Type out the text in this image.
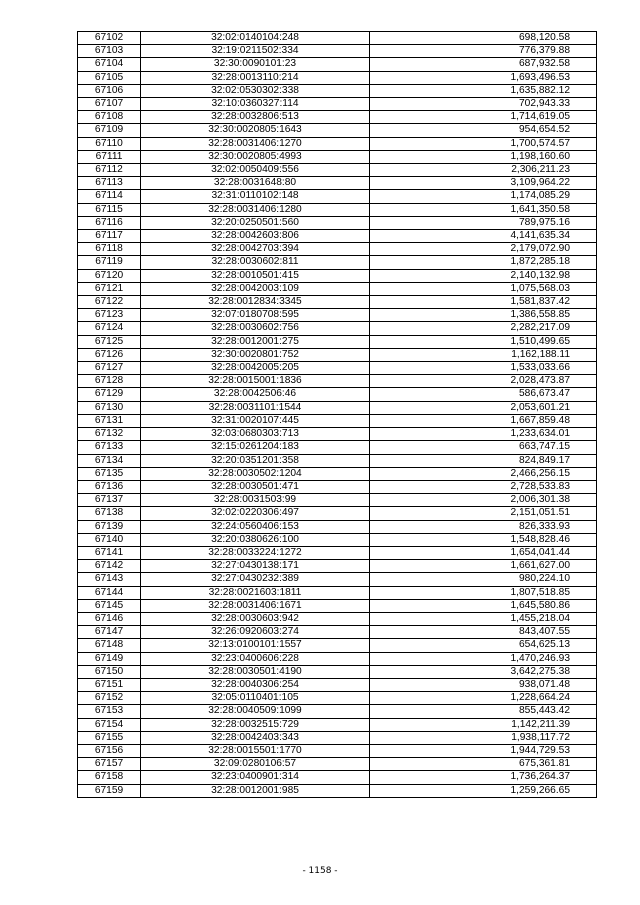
67102	32:02:0140104:248	698,120.58
67103	32:19:0211502:334	776,379.88
67104	32:30:0090101:23	687,932.58
67105	32:28:0013110:214	1,693,496.53
67106	32:02:0530302:338	1,635,882.12
67107	32:10:0360327:114	702,943.33
67108	32:28:0032806:513	1,714,619.05
67109	32:30:0020805:1643	954,654.52
67110	32:28:0031406:1270	1,700,574.57
67111	32:30:0020805:4993	1,198,160.60
67112	32:02:0050409:556	2,306,211.23
67113	32:28:0031648:80	3,109,964.22
67114	32:31:0110102:148	1,174,085.29
67115	32:28:0031406:1280	1,641,350.58
67116	32:20:0250501:560	789,975.16
67117	32:28:0042603:806	4,141,635.34
67118	32:28:0042703:394	2,179,072.90
67119	32:28:0030602:811	1,872,285.18
67120	32:28:0010501:415	2,140,132.98
67121	32:28:0042003:109	1,075,568.03
67122	32:28:0012834:3345	1,581,837.42
67123	32:07:0180708:595	1,386,558.85
67124	32:28:0030602:756	2,282,217.09
67125	32:28:0012001:275	1,510,499.65
67126	32:30:0020801:752	1,162,188.11
67127	32:28:0042005:205	1,533,033.66
67128	32:28:0015001:1836	2,028,473.87
67129	32:28:0042506:46	586,673.47
67130	32:28:0031101:1544	2,053,601.21
67131	32:31:0020107:445	1,667,859.48
67132	32:03:0680303:713	1,233,634.01
67133	32:15:0261204:183	663,747.15
67134	32:20:0351201:358	824,849.17
67135	32:28:0030502:1204	2,466,256.15
67136	32:28:0030501:471	2,728,533.83
67137	32:28:0031503:99	2,006,301.38
67138	32:02:0220306:497	2,151,051.51
67139	32:24:0560406:153	826,333.93
67140	32:20:0380626:100	1,548,828.46
67141	32:28:0033224:1272	1,654,041.44
67142	32:27:0430138:171	1,661,627.00
67143	32:27:0430232:389	980,224.10
67144	32:28:0021603:1811	1,807,518.85
67145	32:28:0031406:1671	1,645,580.86
67146	32:28:0030603:942	1,455,218.04
67147	32:26:0920603:274	843,407.55
67148	32:13:0100101:1557	654,625.13
67149	32:23:0400606:228	1,470,246.93
67150	32:28:0030501:4190	3,642,275.38
67151	32:28:0040306:254	938,071.48
67152	32:05:0110401:105	1,228,664.24
67153	32:28:0040509:1099	855,443.42
67154	32:28:0032515:729	1,142,211.39
67155	32:28:0042403:343	1,938,117.72
67156	32:28:0015501:1770	1,944,729.53
67157	32:09:0280106:57	675,361.81
67158	32:23:0400901:314	1,736,264.37
67159	32:28:0012001:985	1,259,266.65
- 1158 -
